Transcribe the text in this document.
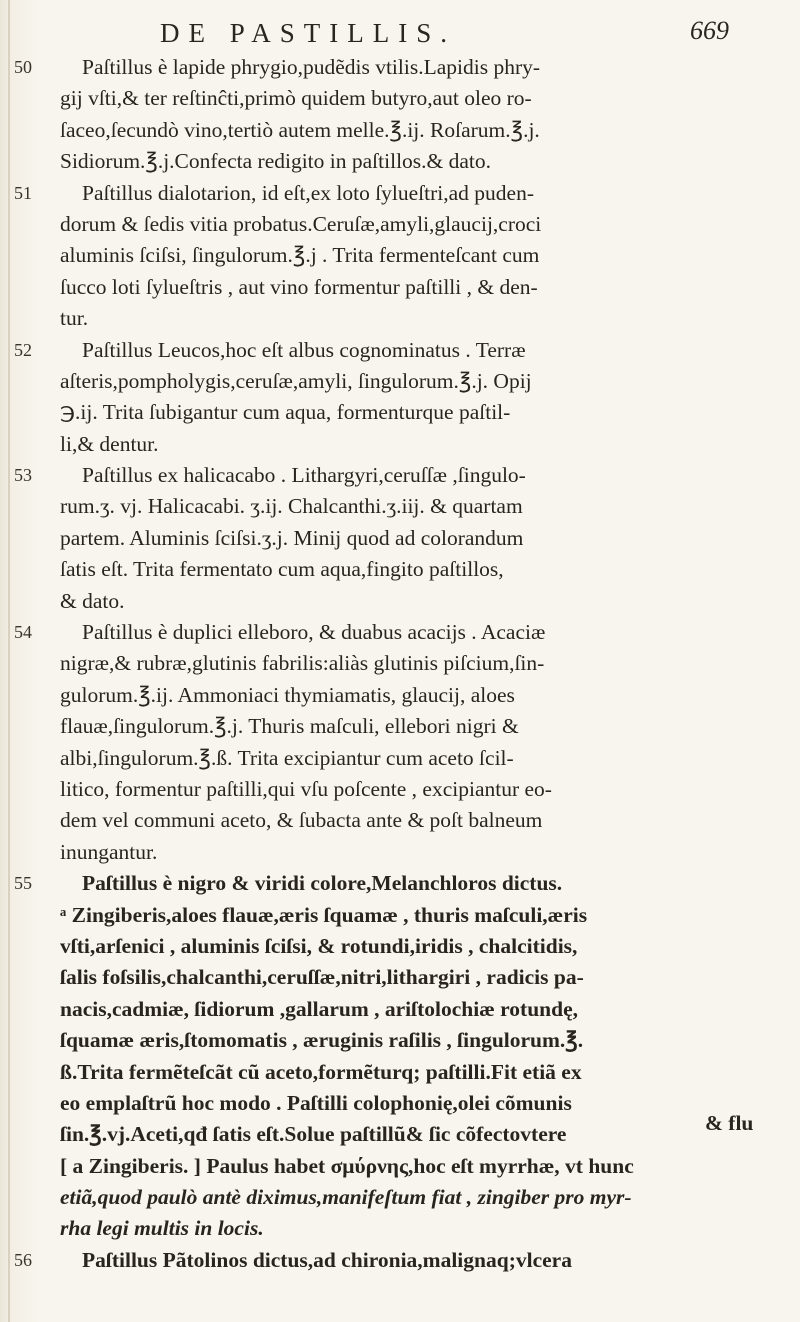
DE PASTILLIS.	669
50	Paſtillus è lapide phrygio,pudẽdis vtilis.Lapidis phry-
gij vſti,& ter reſtinĉti,primò quidem butyro,aut oleo ro-
ſaceo,ſecundò vino,tertiò autem melle.℥.ij. Roſarum.℥.j.
Sidiorum.℥.j.Confecta redigito in paſtillos.& dato.
51	Paſtillus dialotarion, id eſt,ex loto ſylueſtri,ad puden-
dorum & ſedis vitia probatus.Ceruſæ,amyli,glaucij,croci
aluminis ſciſsi, ſingulorum.℥.j . Trita fermenteſcant cum
ſucco loti ſylueſtris , aut vino formentur paſtilli , & den-
tur.
52	Paſtillus Leucos,hoc eſt albus cognominatus . Terræ
aſteris,pompholygis,ceruſæ,amyli, ſingulorum.℥.j. Opij
℈.ij. Trita ſubigantur cum aqua, formenturque paſtil-
li,& dentur.
53	Paſtillus ex halicacabo . Lithargyri,ceruſſæ ,ſingulo-
rum.ʒ. vj. Halicacabi. ʒ.ij. Chalcanthi.ʒ.iij. & quartam
partem. Aluminis ſciſsi.ʒ.j. Minij quod ad colorandum
ſatis eſt. Trita fermentato cum aqua,fingito paſtillos,
& dato.
54	Paſtillus è duplici elleboro, & duabus acacijs . Acaciæ
nigræ,& rubræ,glutinis fabrilis:aliàs glutinis piſcium,ſin-
gulorum.℥.ij. Ammoniaci thymiamatis, glaucij, aloes
flauæ,ſingulorum.℥.j. Thuris maſculi, ellebori nigri &
albi,ſingulorum.℥.ß. Trita excipiantur cum aceto ſcil-
litico, formentur paſtilli,qui vſu poſcente , excipiantur eo-
dem vel communi aceto, & ſubacta ante & poſt balneum
inungantur.
55	Paſtillus è nigro & viridi colore,Melanchloros dictus.
ᵃ Zingiberis,aloes flauæ,æris ſquamæ , thuris maſculi,æris
vſti,arſenici , aluminis ſciſsi, & rotundi,iridis , chalcitidis,
ſalis foſsilis,chalcanthi,ceruſſæ,nitri,lithargiri , radicis pa-
nacis,cadmiæ, ſidiorum ,gallarum , ariſtolochiæ rotundę,
ſquamæ æris,ſtomomatis , æruginis raſilis , ſingulorum.℥.
ß.Trita fermẽteſcãt cũ aceto,formẽturq; paſtilli.Fit etiã ex
eo emplaſtrũ hoc modo . Paſtilli colophonię,olei cõmunis
ſin.℥.vj.Aceti,qđ ſatis eſt.Solue paſtillũ& ſic cõfectovtere
[ a Zingiberis. ] Paulus habet σμύρνης,hoc eſt myrrhæ, vt hunc
etiã,quod paulò antè diximus,manifeſtum fiat , zingiber pro myr-
rha legi multis in locis.
56	Paſtillus Pãtolinos dictus,ad chironia,malignaq;vlcera
& flu
